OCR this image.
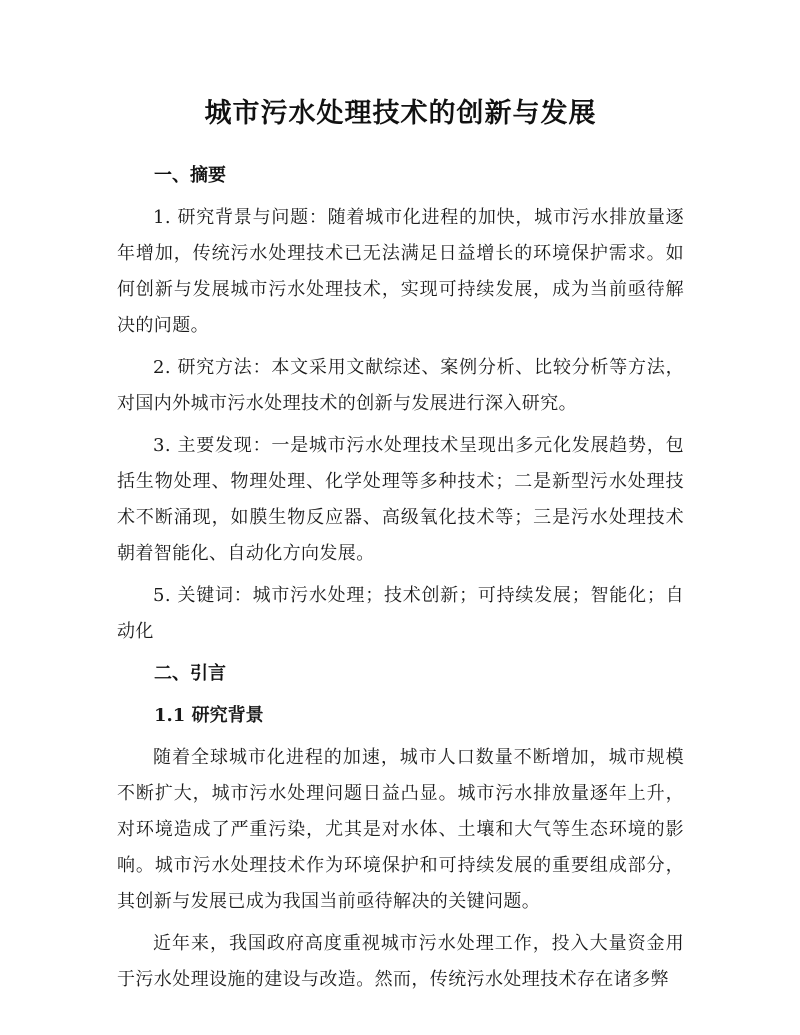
城市污水处理技术的创新与发展
一、摘要

1. 研究背景与问题：随着城市化进程的加快，城市污水排放量逐年增加，传统污水处理技术已无法满足日益增长的环境保护需求。如何创新与发展城市污水处理技术，实现可持续发展，成为当前亟待解决的问题。

2. 研究方法：本文采用文献综述、案例分析、比较分析等方法，对国内外城市污水处理技术的创新与发展进行深入研究。

3. 主要发现：一是城市污水处理技术呈现出多元化发展趋势，包括生物处理、物理处理、化学处理等多种技术；二是新型污水处理技术不断涌现，如膜生物反应器、高级氧化技术等；三是污水处理技术朝着智能化、自动化方向发展。

5. 关键词：城市污水处理；技术创新；可持续发展；智能化；自动化

二、引言
1.1 研究背景

随着全球城市化进程的加速，城市人口数量不断增加，城市规模不断扩大，城市污水处理问题日益凸显。城市污水排放量逐年上升，对环境造成了严重污染，尤其是对水体、土壤和大气等生态环境的影响。城市污水处理技术作为环境保护和可持续发展的重要组成部分，其创新与发展已成为我国当前亟待解决的关键问题。

近年来，我国政府高度重视城市污水处理工作，投入大量资金用于污水处理设施的建设与改造。然而，传统污水处理技术存在诸多弊
